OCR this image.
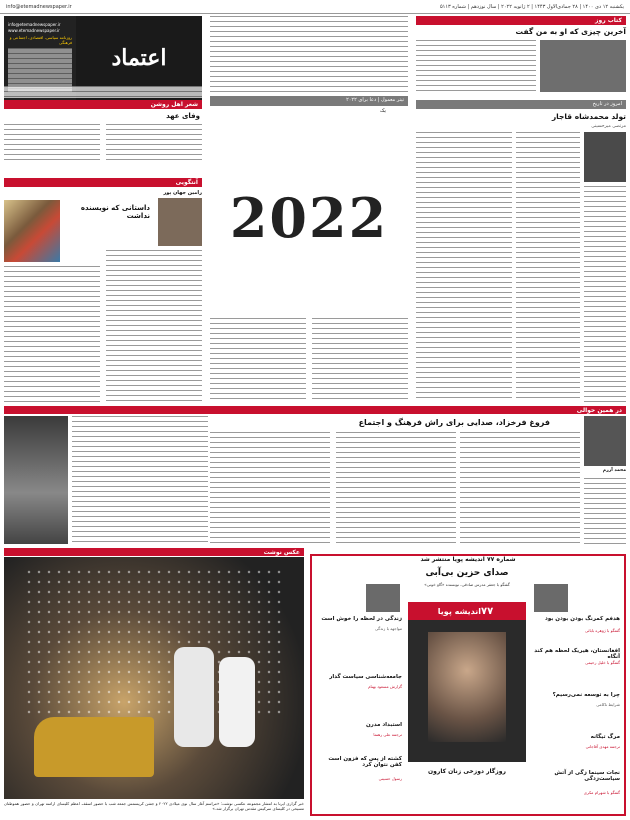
info@etemadnewspaper.ir	یکشنبه ۱۲ دی ۱۴۰۰ | ۲۸ جمادی‌الاول ۱۴۴۳ | ۲ ژانویه ۲۰۲۲ | سال نوزدهم | شماره ۵۱۱۳
اعتماد
info@etemadnewspaper.ir
www.etemadnewspaper.ir
روزنامه سیاسی، اقتصادی، اجتماعی و فرهنگی
شعر اهل روشن
وفای عهد
آنتگویی
رامین جهان پور
داستانی که نویسنده نداشت
تیتر معمول | دعا برای ۲۰۲۲
یک
2022
کتاب روز
آخرین چیزی که او به من گفت
امروز در تاریخ
تولد محمدشاه قاجار
مرتضی میرحسینی
در همین حوالی
فروغ فرخزاد، صدایی برای راش فرهنگ و اجتماع
محمد آزرم
عکس نوشت
خبر گزاری ایرنا به انتشار مجموعه عکسی نوشت: «مراسم آغاز سال نوی میلادی ۲۰۲۲ و جشن کریسمس جمعه شب با حضور اسقف اعظم کلیسای ارامنه تهران و حضور هموطنان مسیحی در کلیسای سرکیس مقدس تهران برگزار شد.»
شماره ۷۷ اندیشه پویا منتشر شد
صدای حزین بی‌آبی
گفتگو با جعفر مدرس صادقی، نویسنده «گاو خونی»
اندیشه پویا ۷۷
روزگار دوزخی زنان کارون
زندگی در لحظه را خوش است
مواجهه با زندگی
جامعه‌شناسی سیاست گذار
گزارش مسعود بهنام
استبداد مدرن
ترجمه علی رهنما
کشته از پس که فزون است کفن نتوان کرد
رسول حسینی
هدفم کمرنگ بودن بودن بود
گفتگو با ژوهره بابائی
افغانستان، هیریک لحظه هم کند آنگاه
گفتگو با خلیل رحیمی
چرا به توسعه نمی‌رسیم؟
شرایط ناکامی
مرگ تیگانه
ترجمه مهدی آقاجانی
نجات سینما زگی از آتش سیاست‌زدگی
گفتگو با شهرام مکری
